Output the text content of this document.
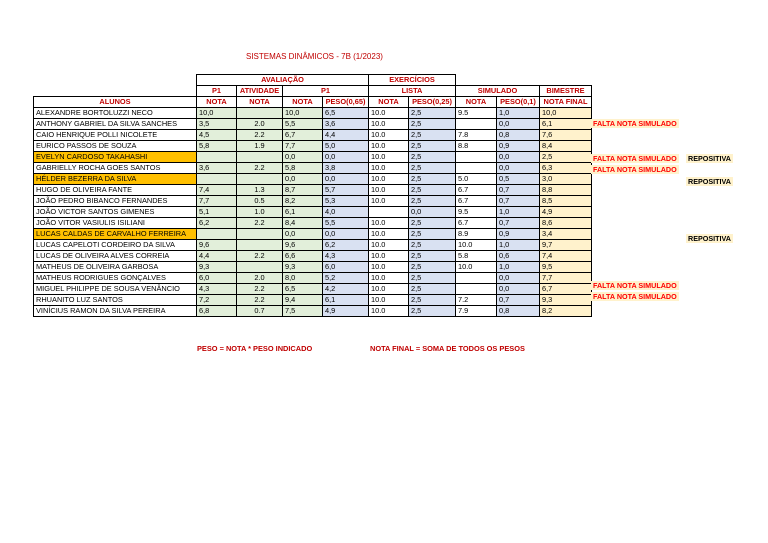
SISTEMAS DINÂMICOS - 7B (1/2023)
	AVALIAÇÃO				EXERCÍCIOS				
	P1	ATIVIDADE	P1		LISTA		SIMULADO		BIMESTRE
ALUNOS	NOTA	NOTA	NOTA	PESO(0,65)	NOTA	PESO(0,25)	NOTA	PESO(0,1)	NOTA FINAL
ALEXANDRE BORTOLUZZI NECO	10,0		10,0	6,5	10.0	2,5	9.5	1,0	10,0
ANTHONY GABRIEL DA SILVA SANCHES	3,5	2.0	5,5	3,6	10.0	2,5		0,0	6,1
CAIO HENRIQUE POLLI NICOLETE	4,5	2.2	6,7	4,4	10.0	2,5	7.8	0,8	7,6
EURICO PASSOS DE SOUZA	5,8	1.9	7,7	5,0	10.0	2,5	8.8	0,9	8,4
EVELYN CARDOSO TAKAHASHI			0,0	0,0	10.0	2,5		0,0	2,5
GABRIELLY ROCHA GOES SANTOS	3,6	2.2	5,8	3,8	10.0	2,5		0,0	6,3
HÉLDER BEZERRA DA SILVA			0,0	0,0	10.0	2,5	5.0	0,5	3,0
HUGO DE OLIVEIRA FANTE	7,4	1.3	8,7	5,7	10.0	2,5	6.7	0,7	8,8
JOÃO PEDRO BIBANCO FERNANDES	7,7	0.5	8,2	5,3	10.0	2,5	6.7	0,7	8,5
JOÃO VICTOR SANTOS GIMENES	5,1	1.0	6,1	4,0		0,0	9.5	1,0	4,9
JOÃO VITOR VASIULIS ISILIANI	6,2	2.2	8,4	5,5	10.0	2,5	6.7	0,7	8,6
LUCAS CALDAS DE CARVALHO FERREIRA			0,0	0,0	10.0	2,5	8.9	0,9	3,4
LUCAS CAPELOTI CORDEIRO DA SILVA	9,6		9,6	6,2	10.0	2,5	10.0	1,0	9,7
LUCAS DE OLIVEIRA ALVES CORREIA	4,4	2.2	6,6	4,3	10.0	2,5	5.8	0,6	7,4
MATHEUS DE OLIVEIRA GARBOSA	9,3		9,3	6,0	10.0	2,5	10.0	1,0	9,5
MATHEUS RODRIGUES GONÇALVES	6,0	2.0	8,0	5,2	10.0	2,5		0,0	7,7
MIGUEL PHILIPPE DE SOUSA VENÂNCIO	4,3	2.2	6,5	4,2	10.0	2,5		0,0	6,7
RHUANITO LUZ SANTOS	7,2	2.2	9,4	6,1	10.0	2,5	7.2	0,7	9,3
VINÍCIUS RAMON DA SILVA PEREIRA	6,8	0.7	7,5	4,9	10.0	2,5	7.9	0,8	8,2
FALTA NOTA SIMULADO
FALTA NOTA SIMULADO REPOSITIVA
FALTA NOTA SIMULADO
REPOSITIVA
REPOSITIVA
FALTA NOTA SIMULADO
FALTA NOTA SIMULADO
PESO = NOTA * PESO INDICADO	NOTA FINAL = SOMA DE TODOS OS PESOS
